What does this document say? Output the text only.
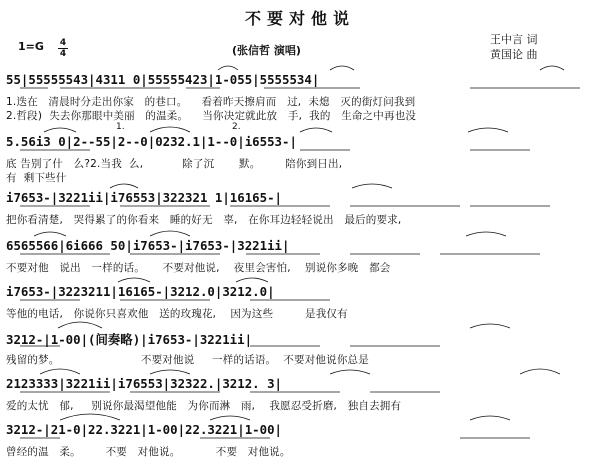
不要对他说
(张信哲 演唱)
王中言 词
黄国论 曲
1=G 4
4
55|55555543|4311 0|55555423|1-055|5555534|
1.迭在   清晨时分走出你家   的巷口。    看着昨天擦肩而   过,  未熄   灭的街灯问我到
2.哲段)  失去你那眼中美丽   的温柔。    当你决定就此放   手,  我的   生命之中再也没
1.	2.
5.56i3 0|2--55|2--0|0232.1|1--0|i6553-|
底 告别了什   么?2.当我  么,           除了沉       默。       陪你到日出,
有  剩下些什
i7653-|3221ii|i76553|322321 1|16165-|
把你看清楚,   哭得累了的你看来   睡的好无   辜,   在你耳边轻轻说出   最后的要求,
6565566|6i666 50|i7653-|i7653-|3221ii|
不要对他   说出   一样的话。     不要对他说,    夜里会害怕,    别说你多晚   都会
i7653-|3223211|16165-|3212.0|3212.0|
等他的电话,   你说你只喜欢他   送的玫瑰花,    因为这些         是我仅有
3212-|1-00|(间奏略)|i7653-|3221ii|
残留的梦。                       不要对他说     一样的话语。  不要对他说你总是
2123333|3221ii|i76553|32322.|3212. 3|
爱的太忧   郁,     别说你最渴望他能   为你而淋   雨,    我愿忍受折磨,   独自去拥有
3212-|21-0|22.3221|1-00|22.3221|1-00|
曾经的温   柔。       不要   对他说。          不要   对他说。
